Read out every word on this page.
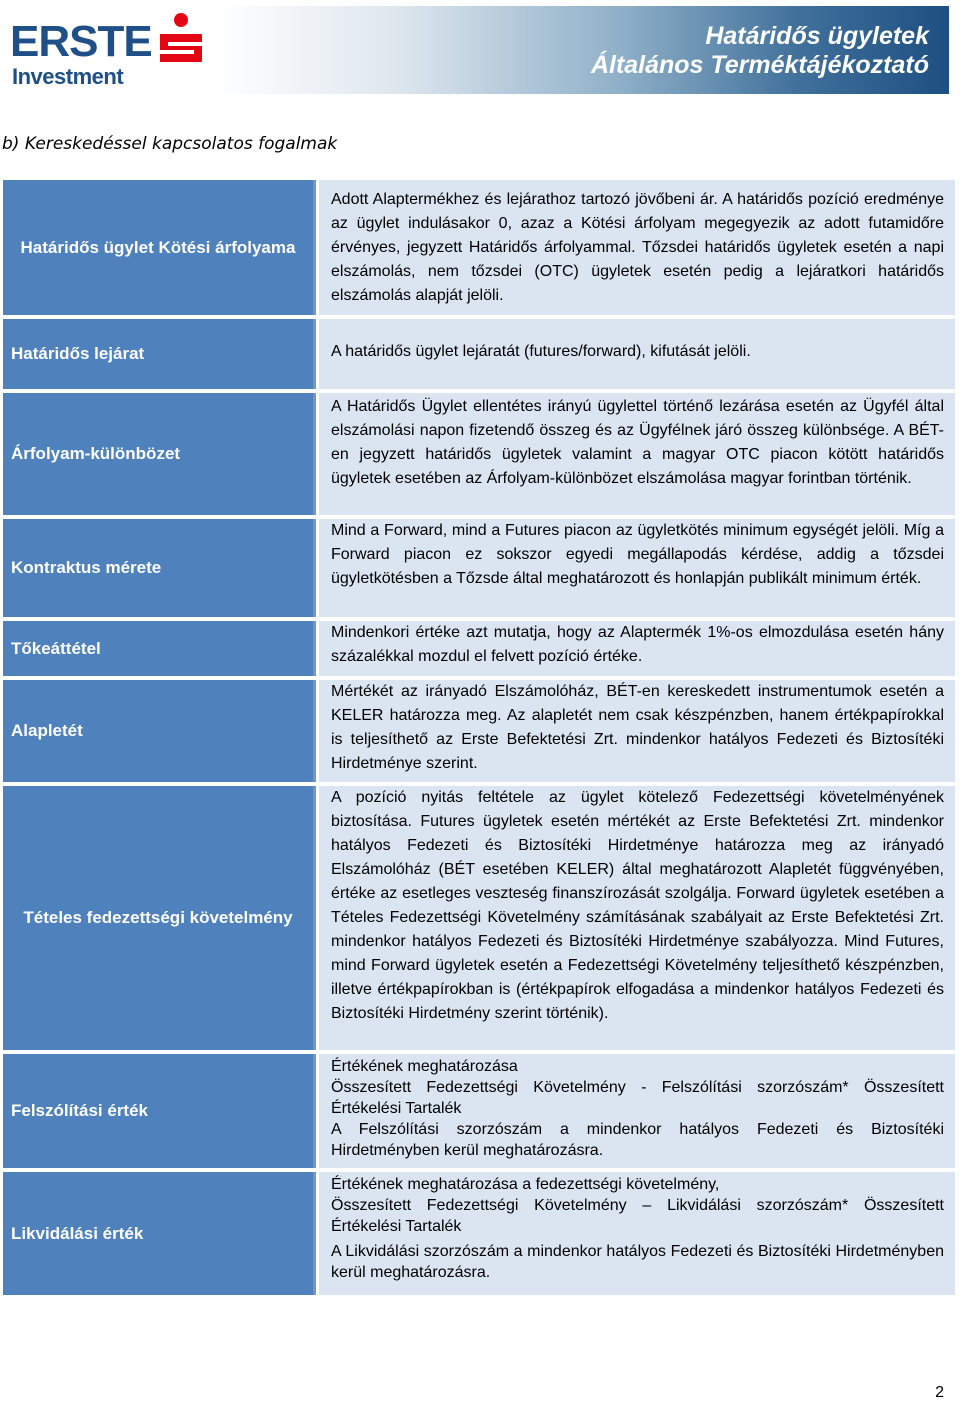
ERSTE
Investment
Határidős ügyletek
Általános Terméktájékoztató
b) Kereskedéssel kapcsolatos fogalmak
Határidős ügylet Kötési árfolyama

Adott Alaptermékhez és lejárathoz tartozó jövőbeni ár. A határidős pozíció eredménye az ügylet indulásakor 0, azaz a Kötési árfolyam megegyezik az adott futamidőre érvényes, jegyzett Határidős árfolyammal. Tőzsdei határidős ügyletek esetén a napi elszámolás, nem tőzsdei (OTC) ügyletek esetén pedig a lejáratkori határidős elszámolás alapját jelöli.

Határidős lejárat	A határidős ügylet lejáratát (futures/forward), kifutását jelöli.

Árfolyam-különbözet

A Határidős Ügylet ellentétes irányú ügylettel történő lezárása esetén az Ügyfél által elszámolási napon fizetendő összeg és az Ügyfélnek járó összeg különbsége. A BÉT-en jegyzett határidős ügyletek valamint a magyar OTC piacon kötött határidős ügyletek esetében az Árfolyam-különbözet elszámolása magyar forintban történik.

Kontraktus mérete

Mind a Forward, mind a Futures piacon az ügyletkötés minimum egységét jelöli. Míg a Forward piacon ez sokszor egyedi megállapodás kérdése, addig a tőzsdei ügyletkötésben a Tőzsde által meghatározott és honlapján publikált minimum érték.

Tőkeáttétel

Mindenkori értéke azt mutatja, hogy az Alaptermék 1%-os elmozdulása esetén hány százalékkal mozdul el felvett pozíció értéke.

Alapletét

Mértékét az irányadó Elszámolóház, BÉT-en kereskedett instrumentumok esetén a KELER határozza meg. Az alapletét nem csak készpénzben, hanem értékpapírokkal is teljesíthető az Erste Befektetési Zrt. mindenkor hatályos Fedezeti és Biztosítéki Hirdetménye szerint.

Tételes fedezettségi követelmény

A pozíció nyitás feltétele az ügylet kötelező Fedezettségi követelményének biztosítása. Futures ügyletek esetén mértékét az Erste Befektetési Zrt. mindenkor hatályos Fedezeti és Biztosítéki Hirdetménye határozza meg az irányadó Elszámolóház (BÉT esetében KELER) által meghatározott Alapletét függvényében, értéke az esetleges veszteség finanszírozását szolgálja. Forward ügyletek esetében a Tételes Fedezettségi Követelmény számításának szabályait az Erste Befektetési Zrt. mindenkor hatályos Fedezeti és Biztosítéki Hirdetménye szabályozza. Mind Futures, mind Forward ügyletek esetén a Fedezettségi Követelmény teljesíthető készpénzben, illetve értékpapírokban is (értékpapírok elfogadása a mindenkor hatályos Fedezeti és Biztosítéki Hirdetmény szerint történik).

Felszólítási érték

Értékének meghatározása

Összesített Fedezettségi Követelmény - Felszólítási szorzószám* Összesített Értékelési Tartalék

A Felszólítási szorzószám a mindenkor hatályos Fedezeti és Biztosítéki Hirdetményben kerül meghatározásra.

Likvidálási érték

Értékének meghatározása a fedezettségi követelmény,

Összesített Fedezettségi Követelmény – Likvidálási szorzószám* Összesített Értékelési Tartalék

A Likvidálási szorzószám a mindenkor hatályos Fedezeti és Biztosítéki Hirdetményben kerül meghatározásra.

2
